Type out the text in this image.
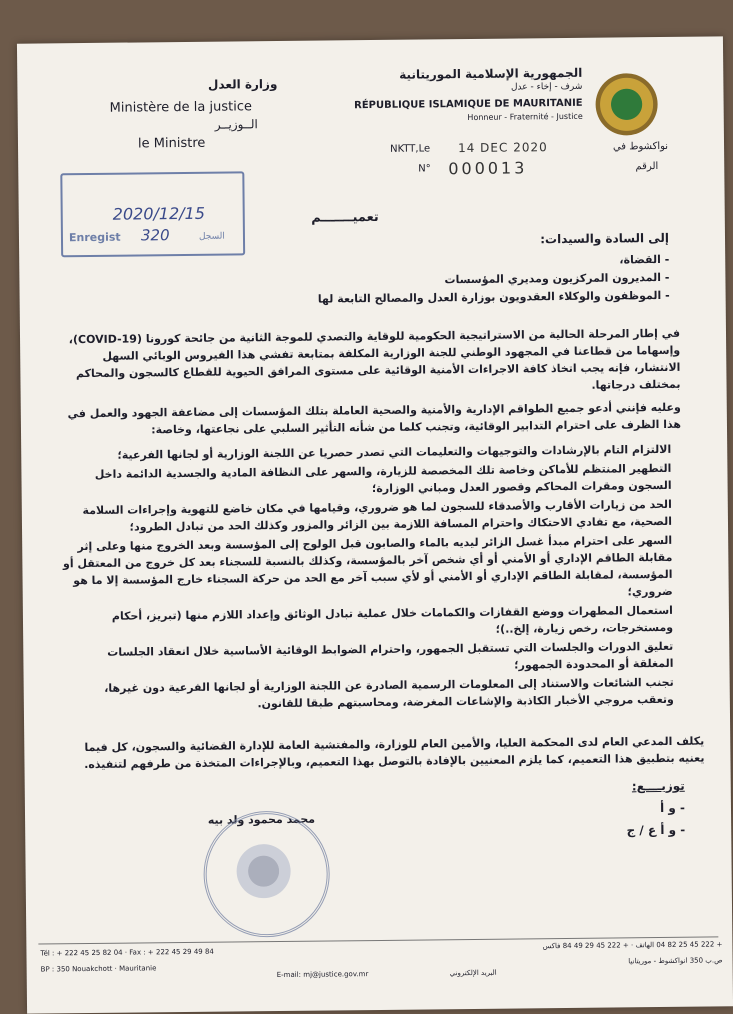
وزارة العدل
Ministère de la justice
الــوزيــر
le Ministre
الجمهورية الإسلامية الموريتانية
شرف - إخاء - عدل
RÉPUBLIQUE ISLAMIQUE DE MAURITANIE
Honneur - Fraternité - Justice
NKTT,Le 14 DEC 2020	نواكشوط في
N° 000013	الرقم
2020/12/15
Enregist 320	السجل
تعميـــــــم
إلى السادة والسيدات:
- القضاة،
- المديرون المركزيون ومديري المؤسسات
- الموظفون والوكلاء العقدويون بوزارة العدل والمصالح التابعة لها
في إطار المرحلة الحالية من الاستراتيجية الحكومية للوقاية والتصدي للموجة الثانية من جائحة كورونا (COVID-19)، وإسهاما من قطاعنا في المجهود الوطني للجنة الوزارية المكلفة بمتابعة تفشي هذا الفيروس الوبائي السهل الانتشار، فإنه يجب اتخاذ كافة الاجراءات الأمنية الوقائية على مستوى المرافق الحيوية للقطاع كالسجون والمحاكم بمختلف درجاتها.
وعليه فإنني أدعو جميع الطواقم الإدارية والأمنية والصحية العاملة بتلك المؤسسات إلى مضاعفة الجهود والعمل في هذا الظرف على احترام التدابير الوقائية، وتجنب كلما من شأنه التأثير السلبي على نجاعتها، وخاصة:
الالتزام التام بالإرشادات والتوجيهات والتعليمات التي تصدر حصريا عن اللجنة الوزارية أو لجانها الفرعية؛
التطهير المنتظم للأماكن وخاصة تلك المخصصة للزيارة، والسهر على النظافة المادية والجسدية الدائمة داخل السجون ومقرات المحاكم وقصور العدل ومباني الوزارة؛
الحد من زيارات الأقارب والأصدقاء للسجون لما هو ضروري، وقيامها في مكان خاضع للتهوية وإجراءات السلامة الصحية، مع تفادي الاحتكاك واحترام المسافة اللازمة بين الزائر والمزور وكذلك الحد من تبادل الطرود؛
السهر على احترام مبدأ غسل الزائر ليديه بالماء والصابون قبل الولوج إلى المؤسسة وبعد الخروج منها وعلى إثر مقابلة الطاقم الإداري أو الأمني أو أي شخص آخر بالمؤسسة، وكذلك بالنسبة للسجناء بعد كل خروج من المعتقل أو المؤسسة، لمقابلة الطاقم الإداري أو الأمني أو لأي سبب آخر مع الحد من حركة السجناء خارج المؤسسة إلا ما هو ضروري؛
استعمال المطهرات ووضع القفازات والكمامات خلال عملية تبادل الوثائق وإعداد اللازم منها (تبريز، أحكام ومستخرجات، رخص زيارة، إلخ..)؛
تعليق الدورات والجلسات التي تستقبل الجمهور، واحترام الضوابط الوقائية الأساسية خلال انعقاد الجلسات المغلقة أو المحدودة الجمهور؛
تجنب الشائعات والاستناد إلى المعلومات الرسمية الصادرة عن اللجنة الوزارية أو لجانها الفرعية دون غيرها، وتعقب مروجي الأخبار الكاذبة والإشاعات المغرضة، ومحاسبتهم طبقا للقانون.
يكلف المدعي العام لدى المحكمة العليا، والأمين العام للوزارة، والمفتشية العامة للإدارة القضائية والسجون، كل فيما يعنيه بتطبيق هذا التعميم، كما يلزم المعنيين بالإفادة بالتوصل بهذا التعميم، وبالإجراءات المتخذة من طرفهم لتنفيذه.
توزيــــع:
- و أ
- و أ ع / ج
محمد محمود ولد بيه
Tél : + 222 45 25 82 04 · Fax : + 222 45 29 49 84
BP : 350 Nouakchott · Mauritanie
E-mail: mj@justice.gov.mr	البريد الإلكتروني
+ 222 45 25 82 04 الهاتف · + 222 45 29 49 84 فاكس
ص.ب 350 انواكشوط - موريتانيا
